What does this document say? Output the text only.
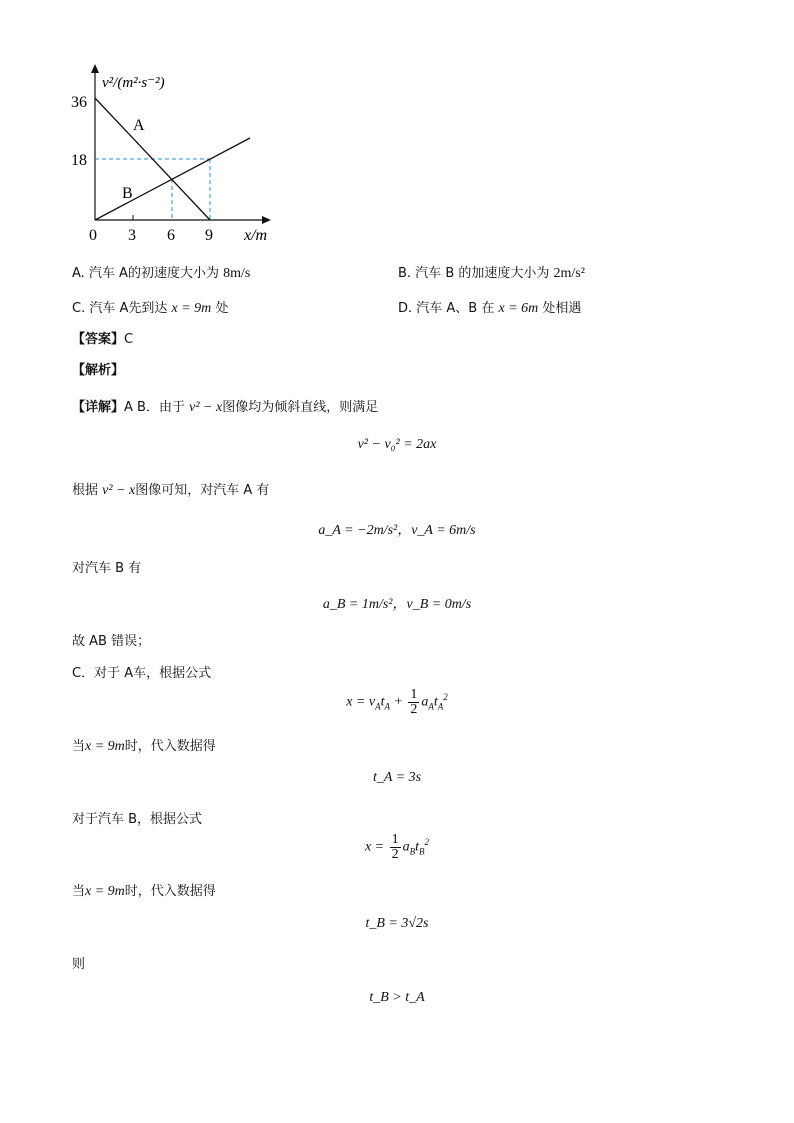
v²/(m²·s⁻²)
36
18
0 3 6 9 x/m
A
B
A. 汽车 A的初速度大小为 8m/s	B. 汽车 B 的加速度大小为 2m/s²
C. 汽车 A先到达 x = 9m 处	D. 汽车 A、B 在 x = 6m 处相遇
【答案】C
【解析】
【详解】A B．由于 v² − x图像均为倾斜直线，则满足
v² − v₀² = 2ax
根据 v² − x图像可知，对汽车 A 有
a_A = −2m/s²，v_A = 6m/s
对汽车 B 有
a_B = 1m/s²，v_B = 0m/s
故 AB 错误；
C．对于 A车，根据公式
$x = v_At_A + \frac{1}{2} a_At_A^2$
当x = 9m时，代入数据得
t_A = 3s
对于汽车 B，根据公式
$x = \frac{1}{2} a_Bt_B^2$
当x = 9m时，代入数据得
t_B = 3√2s
则
t_B > t_A
